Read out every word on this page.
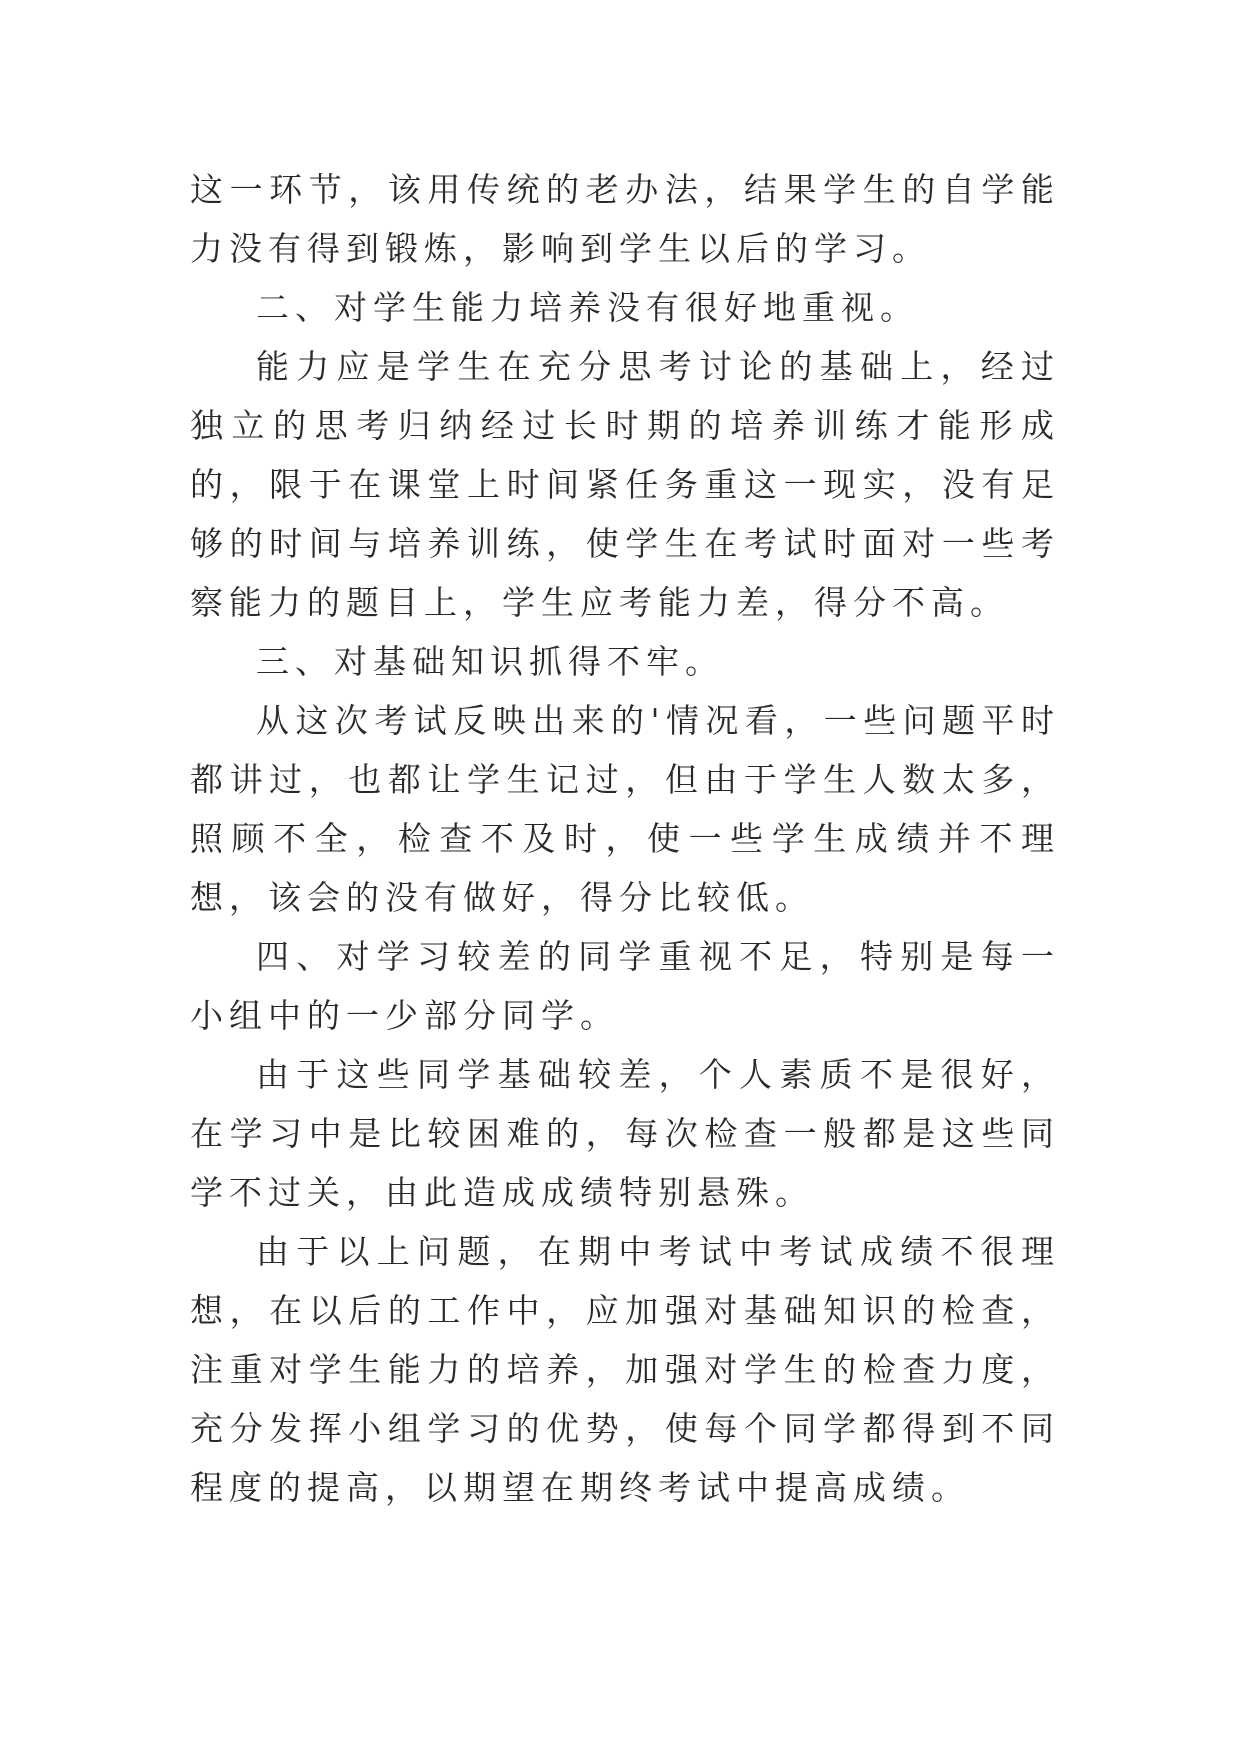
这一环节，该用传统的老办法，结果学生的自学能力没有得到锻炼，影响到学生以后的学习。

二、对学生能力培养没有很好地重视。

能力应是学生在充分思考讨论的基础上，经过独立的思考归纳经过长时期的培养训练才能形成的，限于在课堂上时间紧任务重这一现实，没有足够的时间与培养训练，使学生在考试时面对一些考察能力的题目上，学生应考能力差，得分不高。

三、对基础知识抓得不牢。

从这次考试反映出来的'情况看，一些问题平时都讲过，也都让学生记过，但由于学生人数太多，照顾不全，检查不及时，使一些学生成绩并不理想，该会的没有做好，得分比较低。

四、对学习较差的同学重视不足，特别是每一小组中的一少部分同学。

由于这些同学基础较差，个人素质不是很好，在学习中是比较困难的，每次检查一般都是这些同学不过关，由此造成成绩特别悬殊。

由于以上问题，在期中考试中考试成绩不很理想，在以后的工作中，应加强对基础知识的检查，注重对学生能力的培养，加强对学生的检查力度，充分发挥小组学习的优势，使每个同学都得到不同程度的提高，以期望在期终考试中提高成绩。
